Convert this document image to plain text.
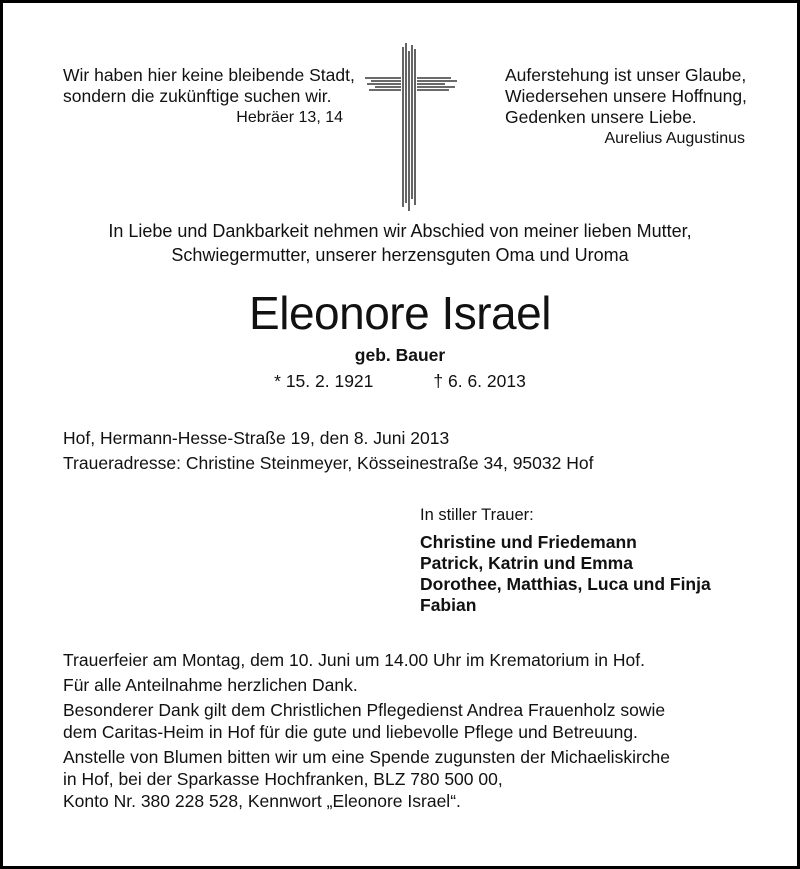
Wir haben hier keine bleibende Stadt,
sondern die zukünftige suchen wir.
Hebräer 13, 14
Auferstehung ist unser Glaube,
Wiedersehen unsere Hoffnung,
Gedenken unsere Liebe.
Aurelius Augustinus
In Liebe und Dankbarkeit nehmen wir Abschied von meiner lieben Mutter,
Schwiegermutter, unserer herzensguten Oma und Uroma
Eleonore Israel
geb. Bauer
* 15. 2. 1921	† 6. 6. 2013
Hof, Hermann-Hesse-Straße 19, den 8. Juni 2013
Traueradresse: Christine Steinmeyer, Kösseinestraße 34, 95032 Hof
In stiller Trauer:
Christine und Friedemann
Patrick, Katrin und Emma
Dorothee, Matthias, Luca und Finja
Fabian
Trauerfeier am Montag, dem 10. Juni um 14.00 Uhr im Krematorium in Hof.
Für alle Anteilnahme herzlichen Dank.
Besonderer Dank gilt dem Christlichen Pflegedienst Andrea Frauenholz sowie
dem Caritas-Heim in Hof für die gute und liebevolle Pflege und Betreuung.
Anstelle von Blumen bitten wir um eine Spende zugunsten der Michaeliskirche
in Hof, bei der Sparkasse Hochfranken, BLZ 780 500 00,
Konto Nr. 380 228 528, Kennwort „Eleonore Israel“.
